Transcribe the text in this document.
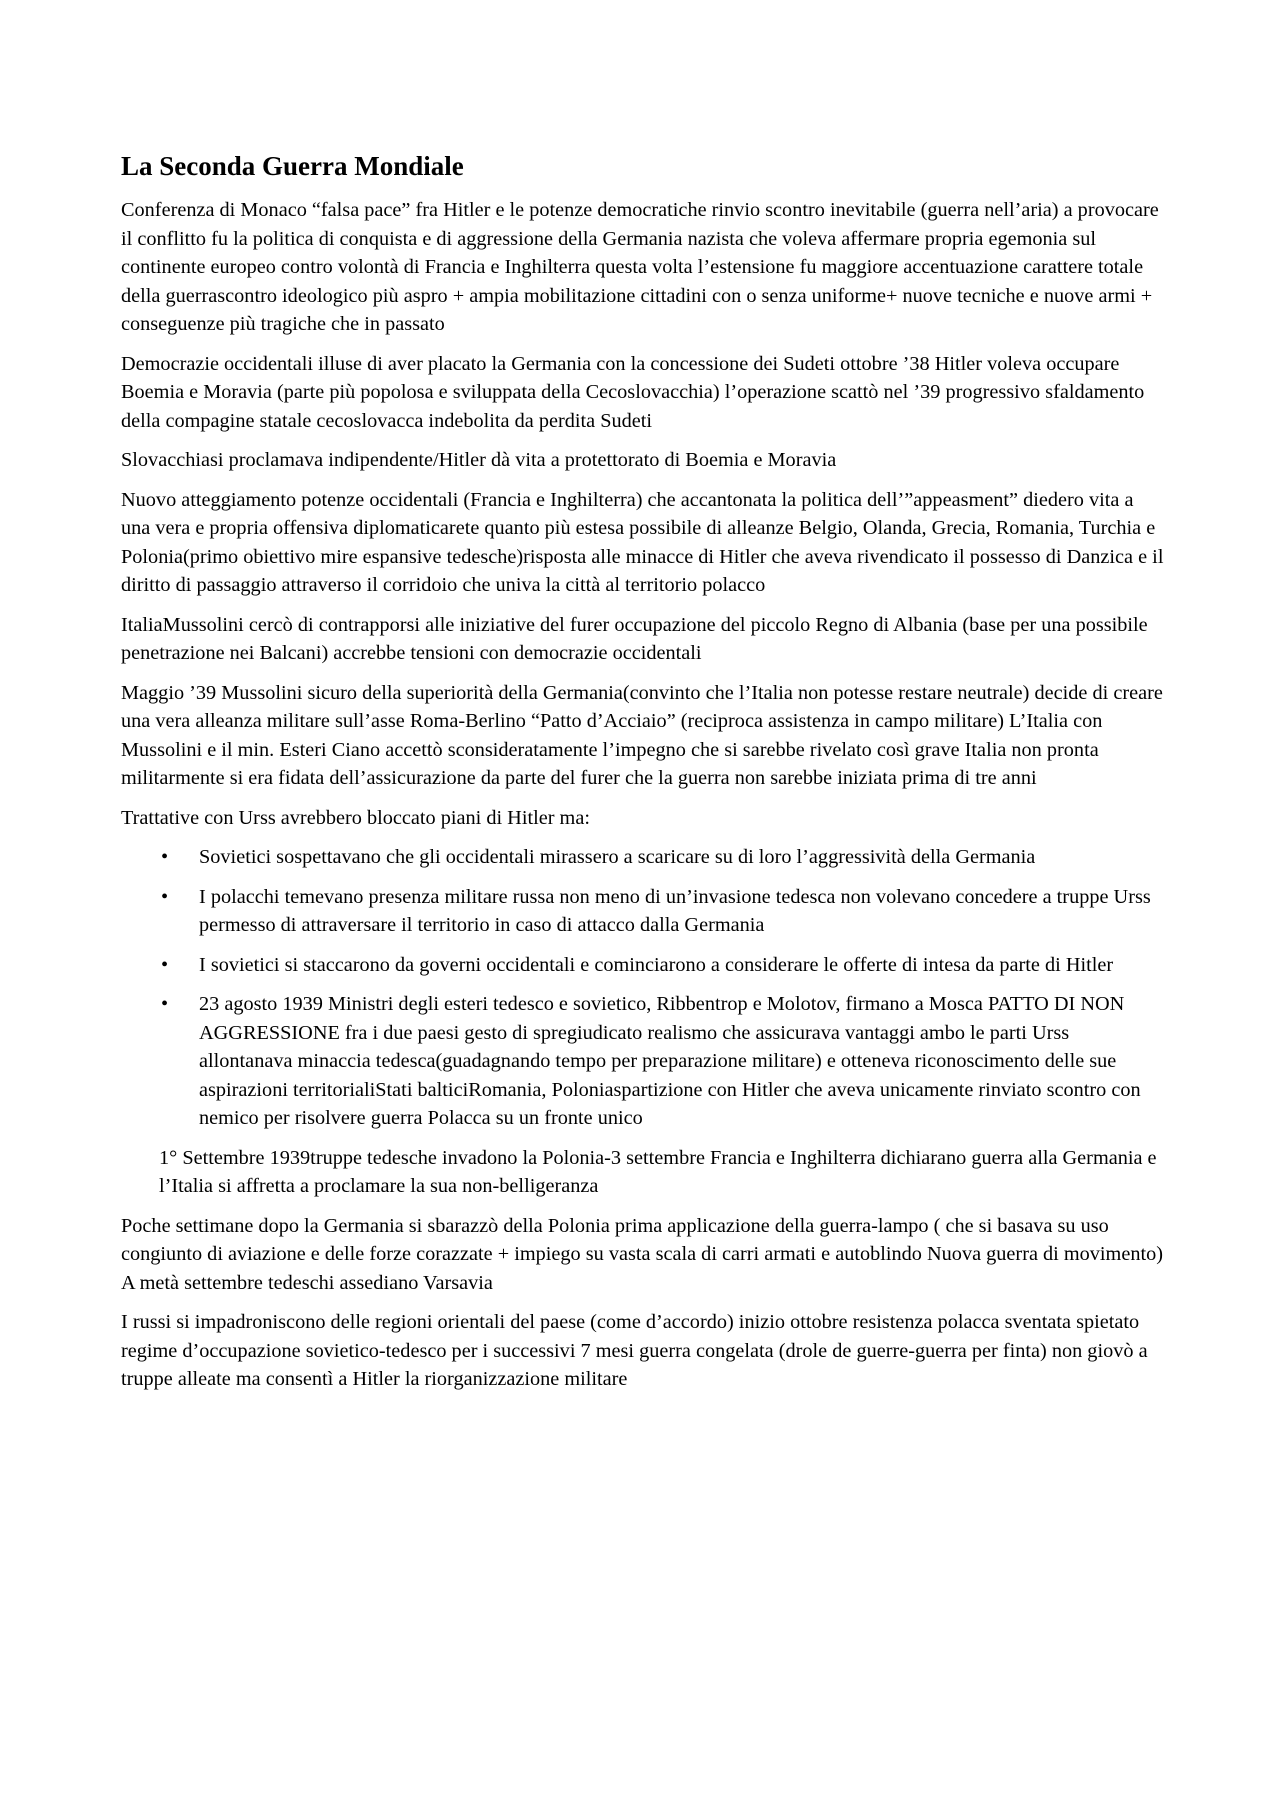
La Seconda Guerra Mondiale

Conferenza di Monaco “falsa pace” fra Hitler e le potenze democratiche rinvio scontro inevitabile (guerra nell’aria) a provocare il conflitto fu la politica di conquista e di aggressione della Germania nazista che voleva affermare propria egemonia sul continente europeo contro volontà di Francia e Inghilterra questa volta l’estensione fu maggiore accentuazione carattere totale della guerrascontro ideologico più aspro + ampia mobilitazione cittadini con o senza uniforme+ nuove tecniche e nuove armi + conseguenze più tragiche che in passato

Democrazie occidentali illuse di aver placato la Germania con la concessione dei Sudeti ottobre ’38 Hitler voleva occupare Boemia e Moravia (parte più popolosa e sviluppata della Cecoslovacchia) l’operazione scattò nel ’39 progressivo sfaldamento della compagine statale cecoslovacca indebolita da perdita Sudeti

Slovacchiasi proclamava indipendente/Hitler dà vita a protettorato di Boemia e Moravia

Nuovo atteggiamento potenze occidentali (Francia e Inghilterra) che accantonata la politica dell’”appeasment” diedero vita a una vera e propria offensiva diplomaticarete quanto più estesa possibile di alleanze Belgio, Olanda, Grecia, Romania, Turchia e Polonia(primo obiettivo mire espansive tedesche)risposta alle minacce di Hitler che aveva rivendicato il possesso di Danzica e il diritto di passaggio attraverso il corridoio che univa la città al territorio polacco

ItaliaMussolini cercò di contrapporsi alle iniziative del furer occupazione del piccolo Regno di Albania (base per una possibile penetrazione nei Balcani) accrebbe tensioni con democrazie occidentali

Maggio ’39 Mussolini sicuro della superiorità della Germania(convinto che l’Italia non potesse restare neutrale) decide di creare una vera alleanza militare sull’asse Roma-Berlino “Patto d’Acciaio” (reciproca assistenza in campo militare) L’Italia con Mussolini e il min. Esteri Ciano accettò sconsideratamente l’impegno che si sarebbe rivelato così grave Italia non pronta militarmente si era fidata dell’assicurazione da parte del furer che la guerra non sarebbe iniziata prima di tre anni

Trattative con Urss avrebbero bloccato piani di Hitler ma:

•	Sovietici sospettavano che gli occidentali mirassero a scaricare su di loro l’aggressività della Germania
•	I polacchi temevano presenza militare russa non meno di un’invasione tedesca non volevano concedere a truppe Urss permesso di attraversare il territorio in caso di attacco dalla Germania
•	I sovietici si staccarono da governi occidentali e cominciarono a considerare le offerte di intesa da parte di Hitler
•	23 agosto 1939 Ministri degli esteri tedesco e sovietico, Ribbentrop e Molotov, firmano a Mosca PATTO DI NON AGGRESSIONE fra i due paesi gesto di spregiudicato realismo che assicurava vantaggi ambo le parti Urss allontanava minaccia tedesca(guadagnando tempo per preparazione militare) e otteneva riconoscimento delle sue aspirazioni territorialiStati balticiRomania, Poloniaspartizione con Hitler che aveva unicamente rinviato scontro con nemico per risolvere guerra Polacca su un fronte unico

1° Settembre 1939truppe tedesche invadono la Polonia-3 settembre Francia e Inghilterra dichiarano guerra alla Germania e l’Italia si affretta a proclamare la sua non-belligeranza

Poche settimane dopo la Germania si sbarazzò della Polonia prima applicazione della guerra-lampo ( che si basava su uso congiunto di aviazione e delle forze corazzate + impiego su vasta scala di carri armati e autoblindo Nuova guerra di movimento) A metà settembre tedeschi assediano Varsavia

I russi si impadroniscono delle regioni orientali del paese (come d’accordo) inizio ottobre resistenza polacca sventata spietato regime d’occupazione sovietico-tedesco per i successivi 7 mesi guerra congelata (drole de guerre-guerra per finta) non giovò a truppe alleate ma consentì a Hitler la riorganizzazione militare
